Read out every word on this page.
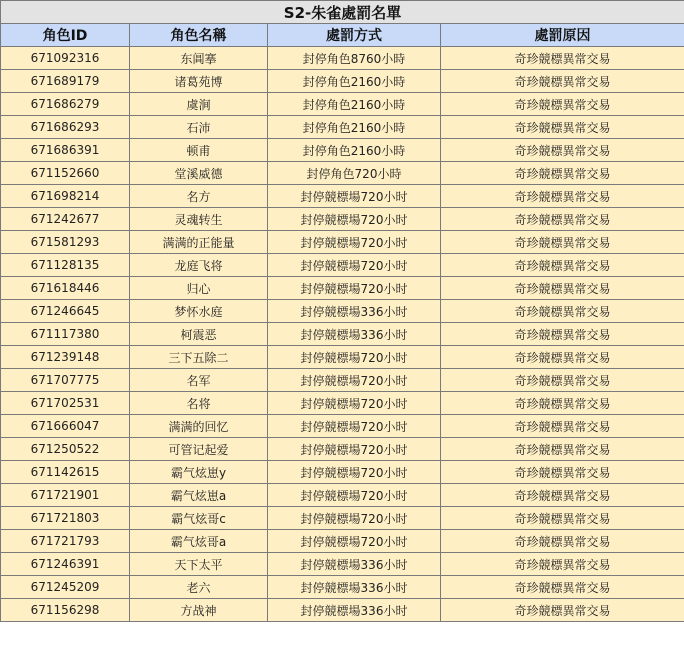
S2-朱雀處罰名單			
角色ID	角色名稱	處罰方式	處罰原因
671092316	东阊搴	封停角色8760小時	奇珍競標異常交易
671689179	诸葛苑博	封停角色2160小時	奇珍競標異常交易
671686279	虞涧	封停角色2160小時	奇珍競標異常交易
671686293	石沛	封停角色2160小時	奇珍競標異常交易
671686391	顿甫	封停角色2160小時	奇珍競標異常交易
671152660	堂溪威德	封停角色720小時	奇珍競標異常交易
671698214	名方	封停競標場720小时	奇珍競標異常交易
671242677	灵魂转生	封停競標場720小时	奇珍競標異常交易
671581293	满满的正能量	封停競標場720小时	奇珍競標異常交易
671128135	龙庭飞将	封停競標場720小时	奇珍競標異常交易
671618446	归心	封停競標場720小时	奇珍競標異常交易
671246645	梦怀水庭	封停競標場336小时	奇珍競標異常交易
671117380	柯震恶	封停競標場336小时	奇珍競標異常交易
671239148	三下五除二	封停競標場720小时	奇珍競標異常交易
671707775	名军	封停競標場720小时	奇珍競標異常交易
671702531	名将	封停競標場720小时	奇珍競標異常交易
671666047	满满的回忆	封停競標場720小时	奇珍競標異常交易
671250522	可管记起爱	封停競標場720小时	奇珍競標異常交易
671142615	霸气炫崽y	封停競標場720小时	奇珍競標異常交易
671721901	霸气炫崽a	封停競標場720小时	奇珍競標異常交易
671721803	霸气炫哥c	封停競標場720小时	奇珍競標異常交易
671721793	霸气炫哥a	封停競標場720小时	奇珍競標異常交易
671246391	天下太平	封停競標場336小时	奇珍競標異常交易
671245209	老六	封停競標場336小时	奇珍競標異常交易
671156298	方战神	封停競標場336小时	奇珍競標異常交易
